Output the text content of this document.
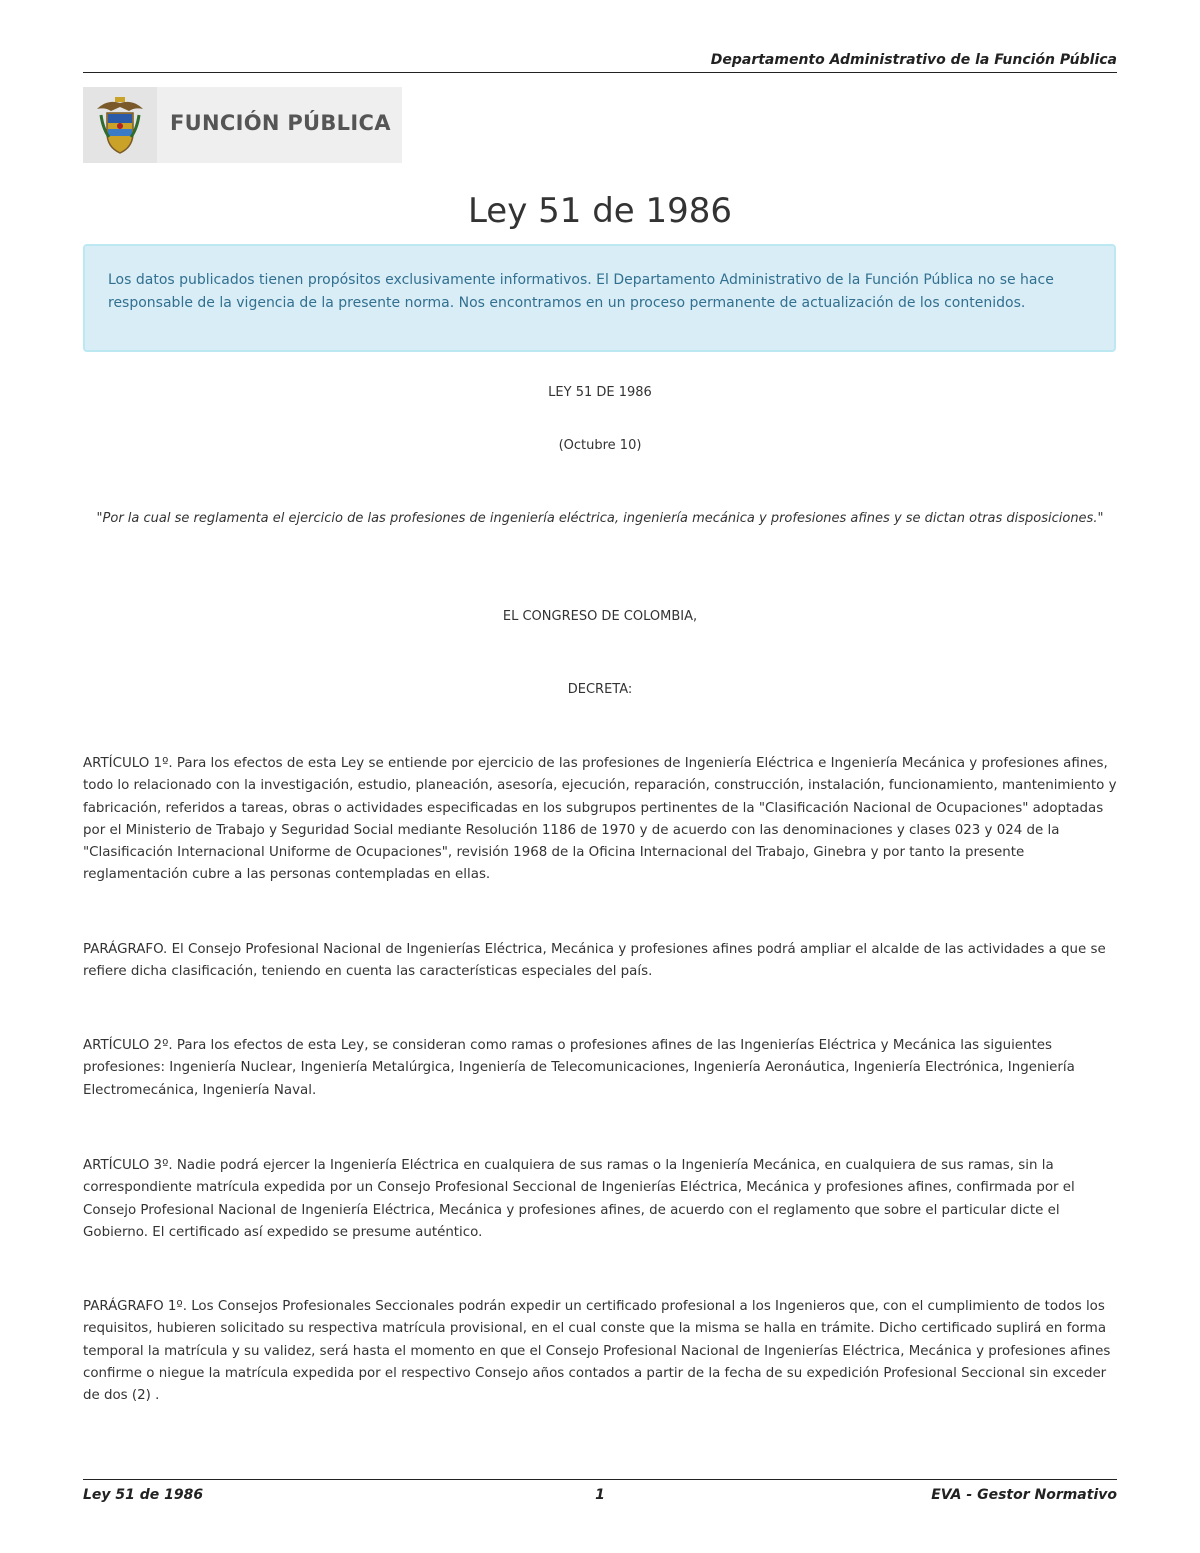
Departamento Administrativo de la Función Pública
FUNCIÓN PÚBLICA
Ley 51 de 1986
Los datos publicados tienen propósitos exclusivamente informativos. El Departamento Administrativo de la Función Pública no se hace responsable de la vigencia de la presente norma. Nos encontramos en un proceso permanente de actualización de los contenidos.
LEY 51 DE 1986
(Octubre 10)
"Por la cual se reglamenta el ejercicio de las profesiones de ingeniería eléctrica, ingeniería mecánica y profesiones afines y se dictan otras disposiciones."
EL CONGRESO DE COLOMBIA,
DECRETA:

ARTÍCULO 1º. Para los efectos de esta Ley se entiende por ejercicio de las profesiones de Ingeniería Eléctrica e Ingeniería Mecánica y profesiones afines, todo lo relacionado con la investigación, estudio, planeación, asesoría, ejecución, reparación, construcción, instalación, funcionamiento, mantenimiento y fabricación, referidos a tareas, obras o actividades especificadas en los subgrupos pertinentes de la "Clasificación Nacional de Ocupaciones" adoptadas por el Ministerio de Trabajo y Seguridad Social mediante Resolución 1186 de 1970 y de acuerdo con las denominaciones y clases 023 y 024 de la "Clasificación Internacional Uniforme de Ocupaciones", revisión 1968 de la Oficina Internacional del Trabajo, Ginebra y por tanto la presente reglamentación cubre a las personas contempladas en ellas.

PARÁGRAFO. El Consejo Profesional Nacional de Ingenierías Eléctrica, Mecánica y profesiones afines podrá ampliar el alcalde de las actividades a que se refiere dicha clasificación, teniendo en cuenta las características especiales del país.

ARTÍCULO 2º. Para los efectos de esta Ley, se consideran como ramas o profesiones afines de las Ingenierías Eléctrica y Mecánica las siguientes profesiones: Ingeniería Nuclear, Ingeniería Metalúrgica, Ingeniería de Telecomunicaciones, Ingeniería Aeronáutica, Ingeniería Electrónica, Ingeniería Electromecánica, Ingeniería Naval.

ARTÍCULO 3º. Nadie podrá ejercer la Ingeniería Eléctrica en cualquiera de sus ramas o la Ingeniería Mecánica, en cualquiera de sus ramas, sin la correspondiente matrícula expedida por un Consejo Profesional Seccional de Ingenierías Eléctrica, Mecánica y profesiones afines, confirmada por el Consejo Profesional Nacional de Ingeniería Eléctrica, Mecánica y profesiones afines, de acuerdo con el reglamento que sobre el particular dicte el Gobierno. El certificado así expedido se presume auténtico.

PARÁGRAFO 1º. Los Consejos Profesionales Seccionales podrán expedir un certificado profesional a los Ingenieros que, con el cumplimiento de todos los requisitos, hubieren solicitado su respectiva matrícula provisional, en el cual conste que la misma se halla en trámite. Dicho certificado suplirá en forma temporal la matrícula y su validez, será hasta el momento en que el Consejo Profesional Nacional de Ingenierías Eléctrica, Mecánica y profesiones afines confirme o niegue la matrícula expedida por el respectivo Consejo años contados a partir de la fecha de su expedición Profesional Seccional sin exceder de dos (2) .

Ley 51 de 1986	1	EVA - Gestor Normativo
